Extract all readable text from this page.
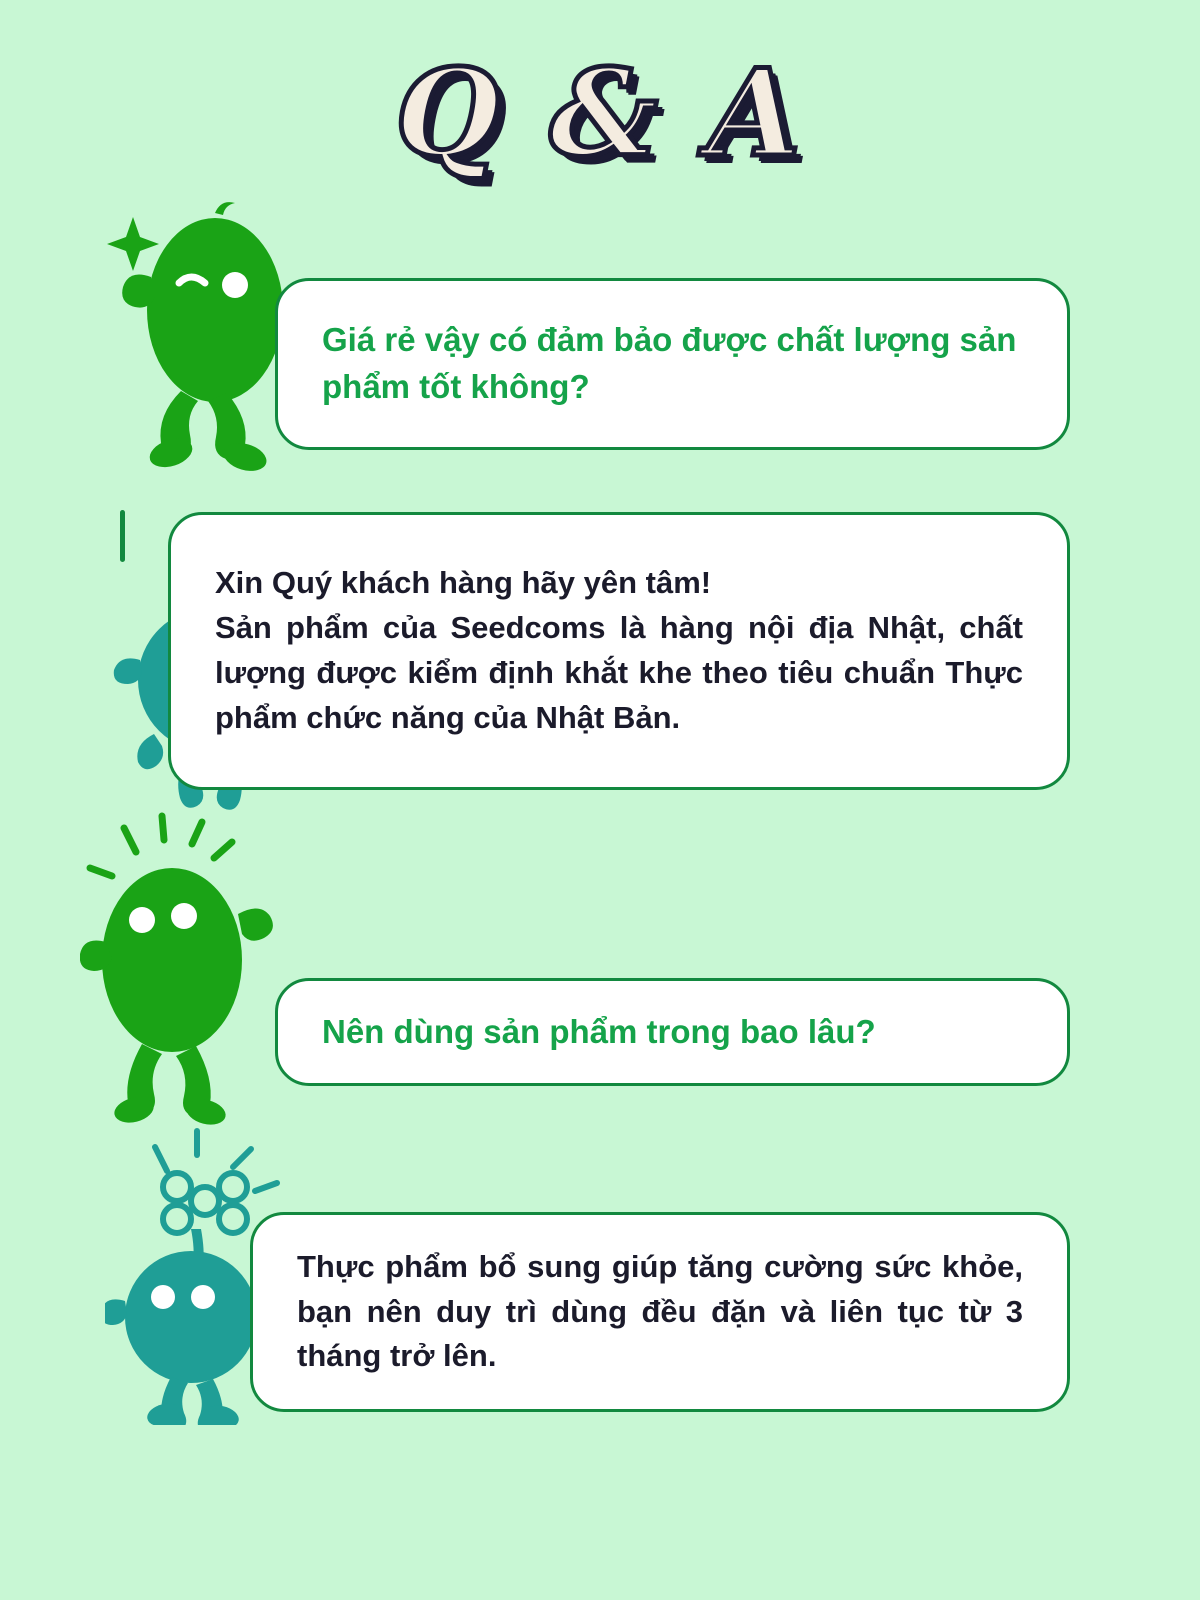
Q & A
Giá rẻ vậy có đảm bảo được chất lượng sản phẩm tốt không?
Xin Quý khách hàng hãy yên tâm!
Sản phẩm của Seedcoms là hàng nội địa Nhật, chất lượng được kiểm định khắt khe theo tiêu chuẩn Thực phẩm chức năng của Nhật Bản.
Nên dùng sản phẩm trong bao lâu?
Thực phẩm bổ sung giúp tăng cường sức khỏe, bạn nên duy trì dùng đều đặn và liên tục từ 3 tháng trở lên.
